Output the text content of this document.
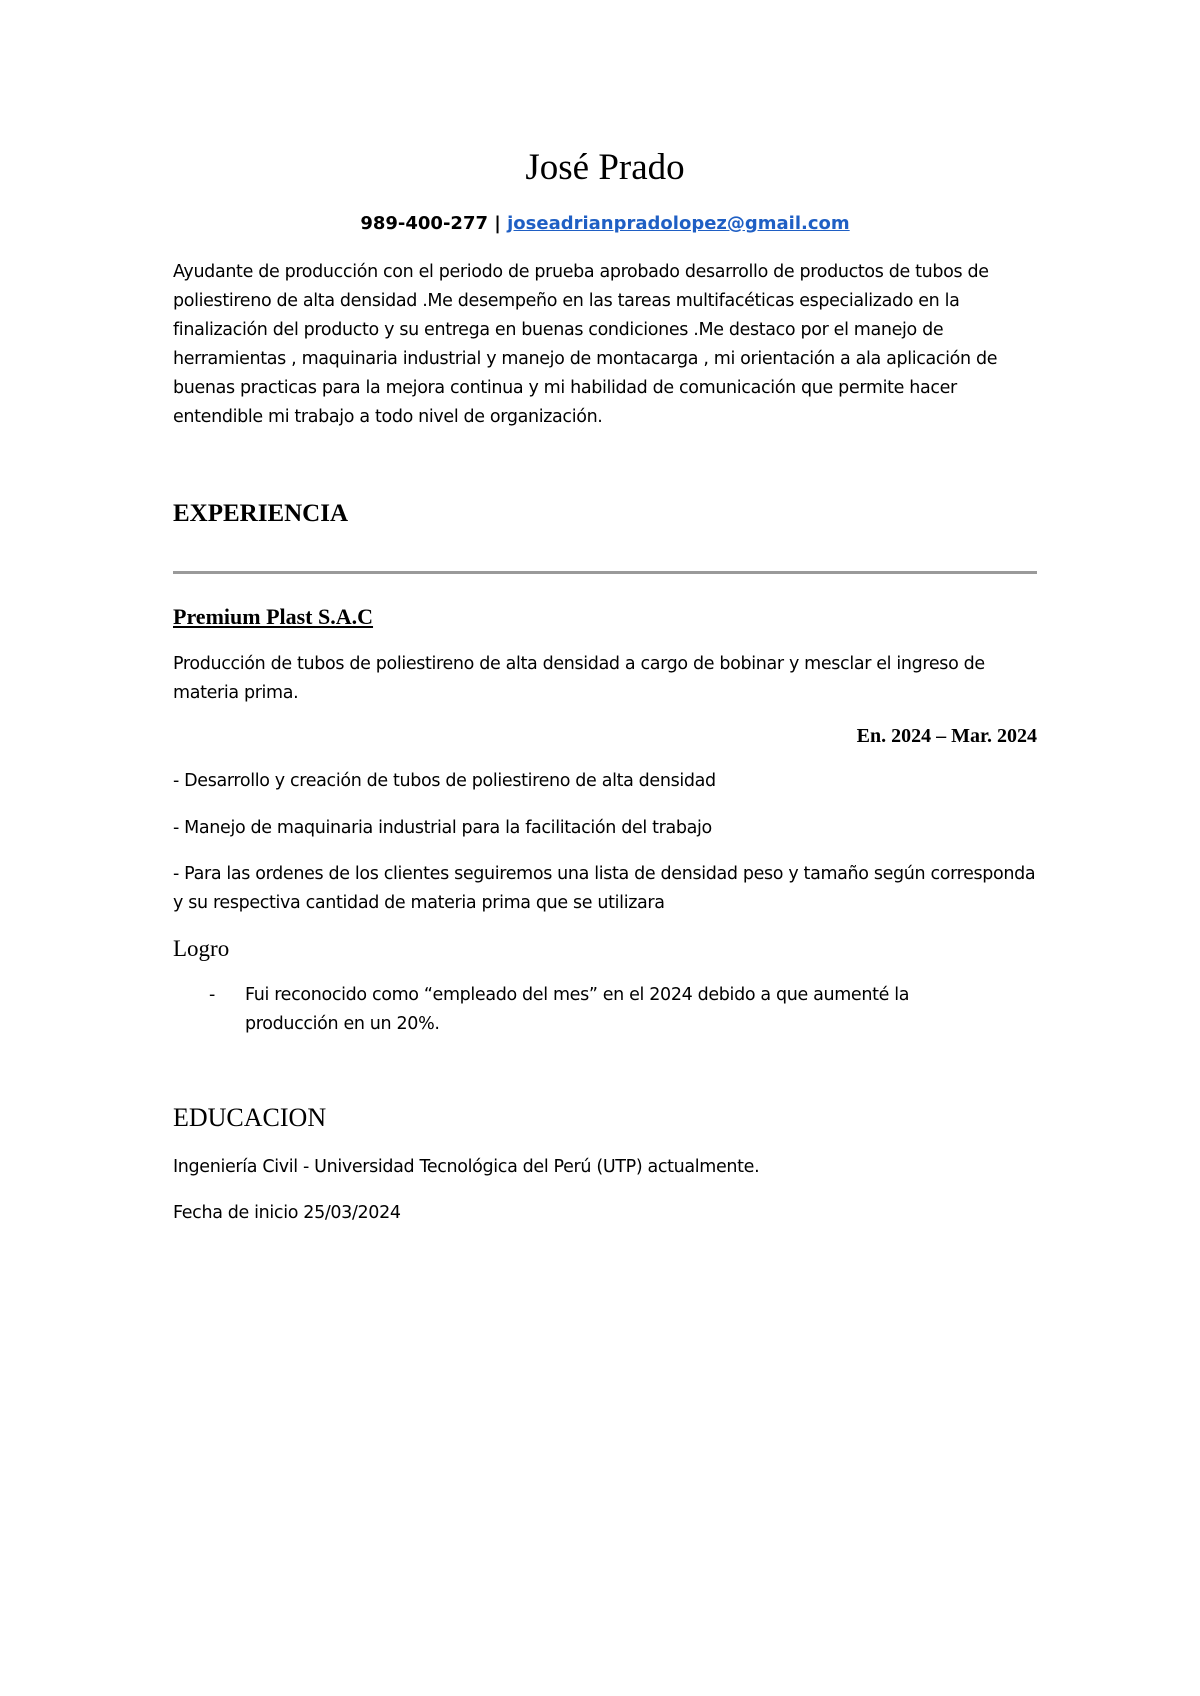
José Prado

989-400-277 | joseadrianpradolopez@gmail.com

Ayudante de producción con el periodo de prueba aprobado desarrollo de productos de tubos de poliestireno de alta densidad .Me desempeño en las tareas multifacéticas especializado en la finalización del producto y su entrega en buenas condiciones .Me destaco por el manejo de herramientas , maquinaria industrial y manejo de montacarga , mi orientación a ala aplicación de buenas practicas para la mejora continua y mi habilidad de comunicación que permite hacer entendible mi trabajo a todo nivel de organización.

EXPERIENCIA
Premium Plast S.A.C

Producción de tubos de poliestireno de alta densidad a cargo de bobinar y mesclar el ingreso de materia prima.

En. 2024 – Mar. 2024

- Desarrollo y creación de tubos de poliestireno de alta densidad

- Manejo de maquinaria industrial para la facilitación del trabajo

- Para las ordenes de los clientes seguiremos una lista de densidad peso y tamaño según corresponda y su respectiva cantidad de materia prima que se utilizara

Logro
- Fui reconocido como “empleado del mes” en el 2024 debido a que aumenté la producción en un 20%.

EDUCACION

Ingeniería Civil - Universidad Tecnológica del Perú (UTP) actualmente.

Fecha de inicio 25/03/2024
